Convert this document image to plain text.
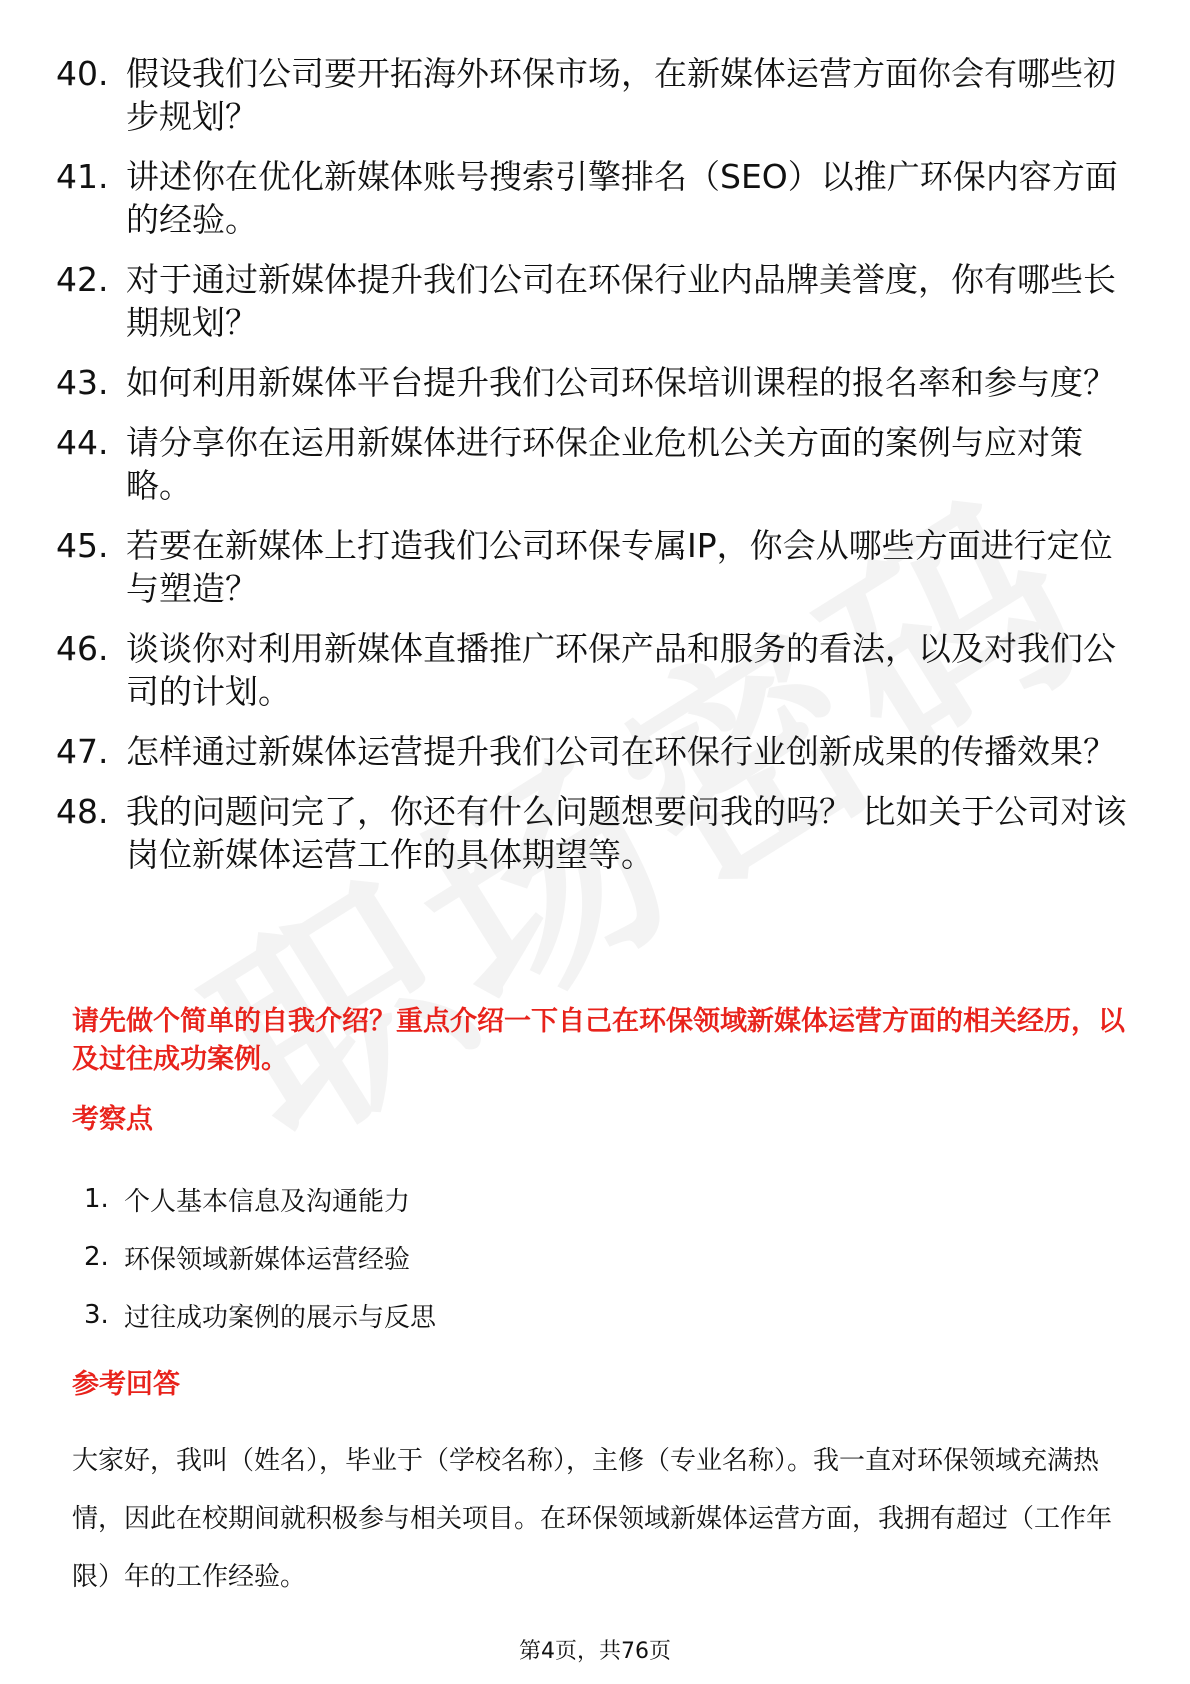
40. 假设我们公司要开拓海外环保市场，在新媒体运营方面你会有哪些初步规划？
41. 讲述你在优化新媒体账号搜索引擎排名（SEO）以推广环保内容方面的经验。
42. 对于通过新媒体提升我们公司在环保行业内品牌美誉度，你有哪些长期规划？
43. 如何利用新媒体平台提升我们公司环保培训课程的报名率和参与度？
44. 请分享你在运用新媒体进行环保企业危机公关方面的案例与应对策略。
45. 若要在新媒体上打造我们公司环保专属IP，你会从哪些方面进行定位与塑造？
46. 谈谈你对利用新媒体直播推广环保产品和服务的看法，以及对我们公司的计划。
47. 怎样通过新媒体运营提升我们公司在环保行业创新成果的传播效果？
48. 我的问题问完了，你还有什么问题想要问我的吗？ 比如关于公司对该岗位新媒体运营工作的具体期望等。

请先做个简单的自我介绍？重点介绍一下自己在环保领域新媒体运营方面的相关经历，以及过往成功案例。

考察点
1. 个人基本信息及沟通能力
2. 环保领域新媒体运营经验
3. 过往成功案例的展示与反思
参考回答

大家好，我叫（姓名），毕业于（学校名称），主修（专业名称）。我一直对环保领域充满热情，因此在校期间就积极参与相关项目。在环保领域新媒体运营方面，我拥有超过（工作年限）年的工作经验。

第4页，共76页
